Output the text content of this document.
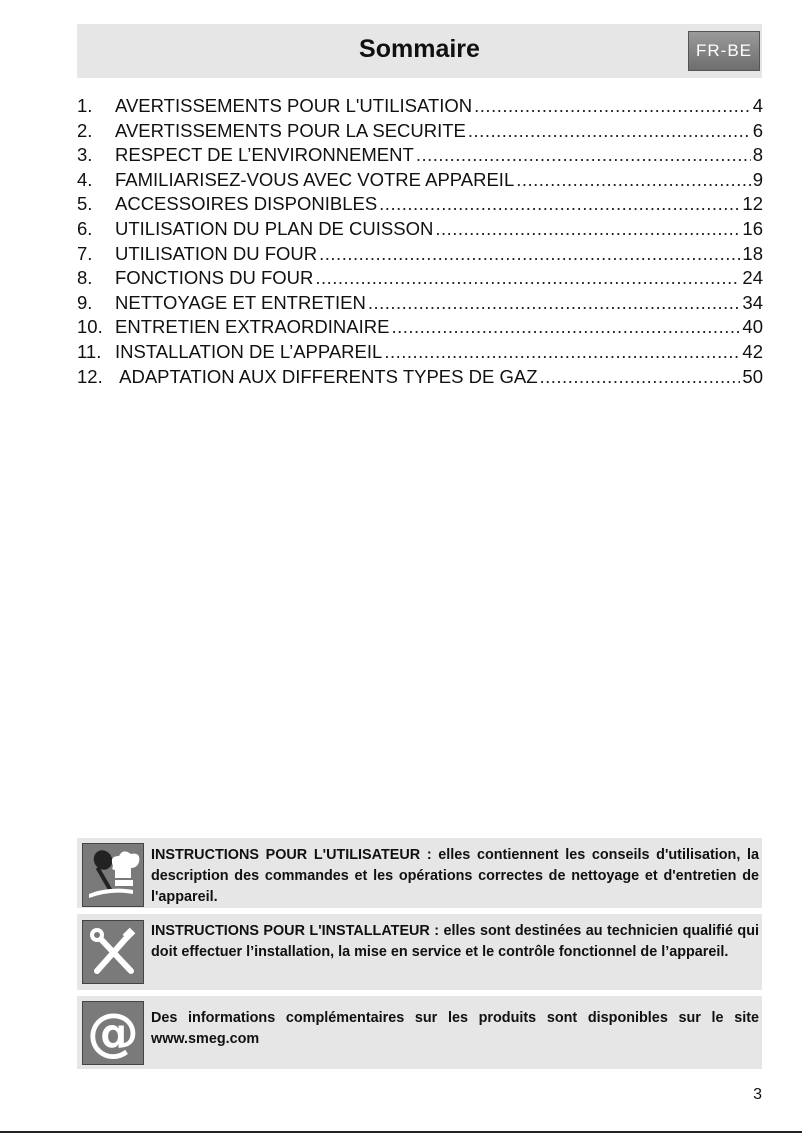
Sommaire	FR-BE
1.	AVERTISSEMENTS POUR L'UTILISATION .....	4
2.	AVERTISSEMENTS POUR LA SECURITE .....	6
3.	RESPECT DE L’ENVIRONNEMENT .....	8
4.	FAMILIARISEZ-VOUS AVEC VOTRE APPAREIL .....	9
5.	ACCESSOIRES DISPONIBLES .....	12
6.	UTILISATION DU PLAN DE CUISSON .....	16
7.	UTILISATION DU FOUR .....	18
8.	FONCTIONS DU FOUR .....	24
9.	NETTOYAGE ET ENTRETIEN .....	34
10. ENTRETIEN EXTRAORDINAIRE .....	40
11. INSTALLATION DE L’APPAREIL .....	42
12. ADAPTATION AUX DIFFERENTS TYPES DE GAZ .....	50
INSTRUCTIONS POUR L'UTILISATEUR : elles contiennent les conseils d'utilisation, la description des commandes et les opérations correctes de nettoyage et d'entretien de l'appareil.
INSTRUCTIONS POUR L'INSTALLATEUR : elles sont destinées au technicien qualifié qui doit effectuer l’installation, la mise en service et le contrôle fonctionnel de l’appareil.
@ Des informations complémentaires sur les produits sont disponibles sur le site www.smeg.com
3
